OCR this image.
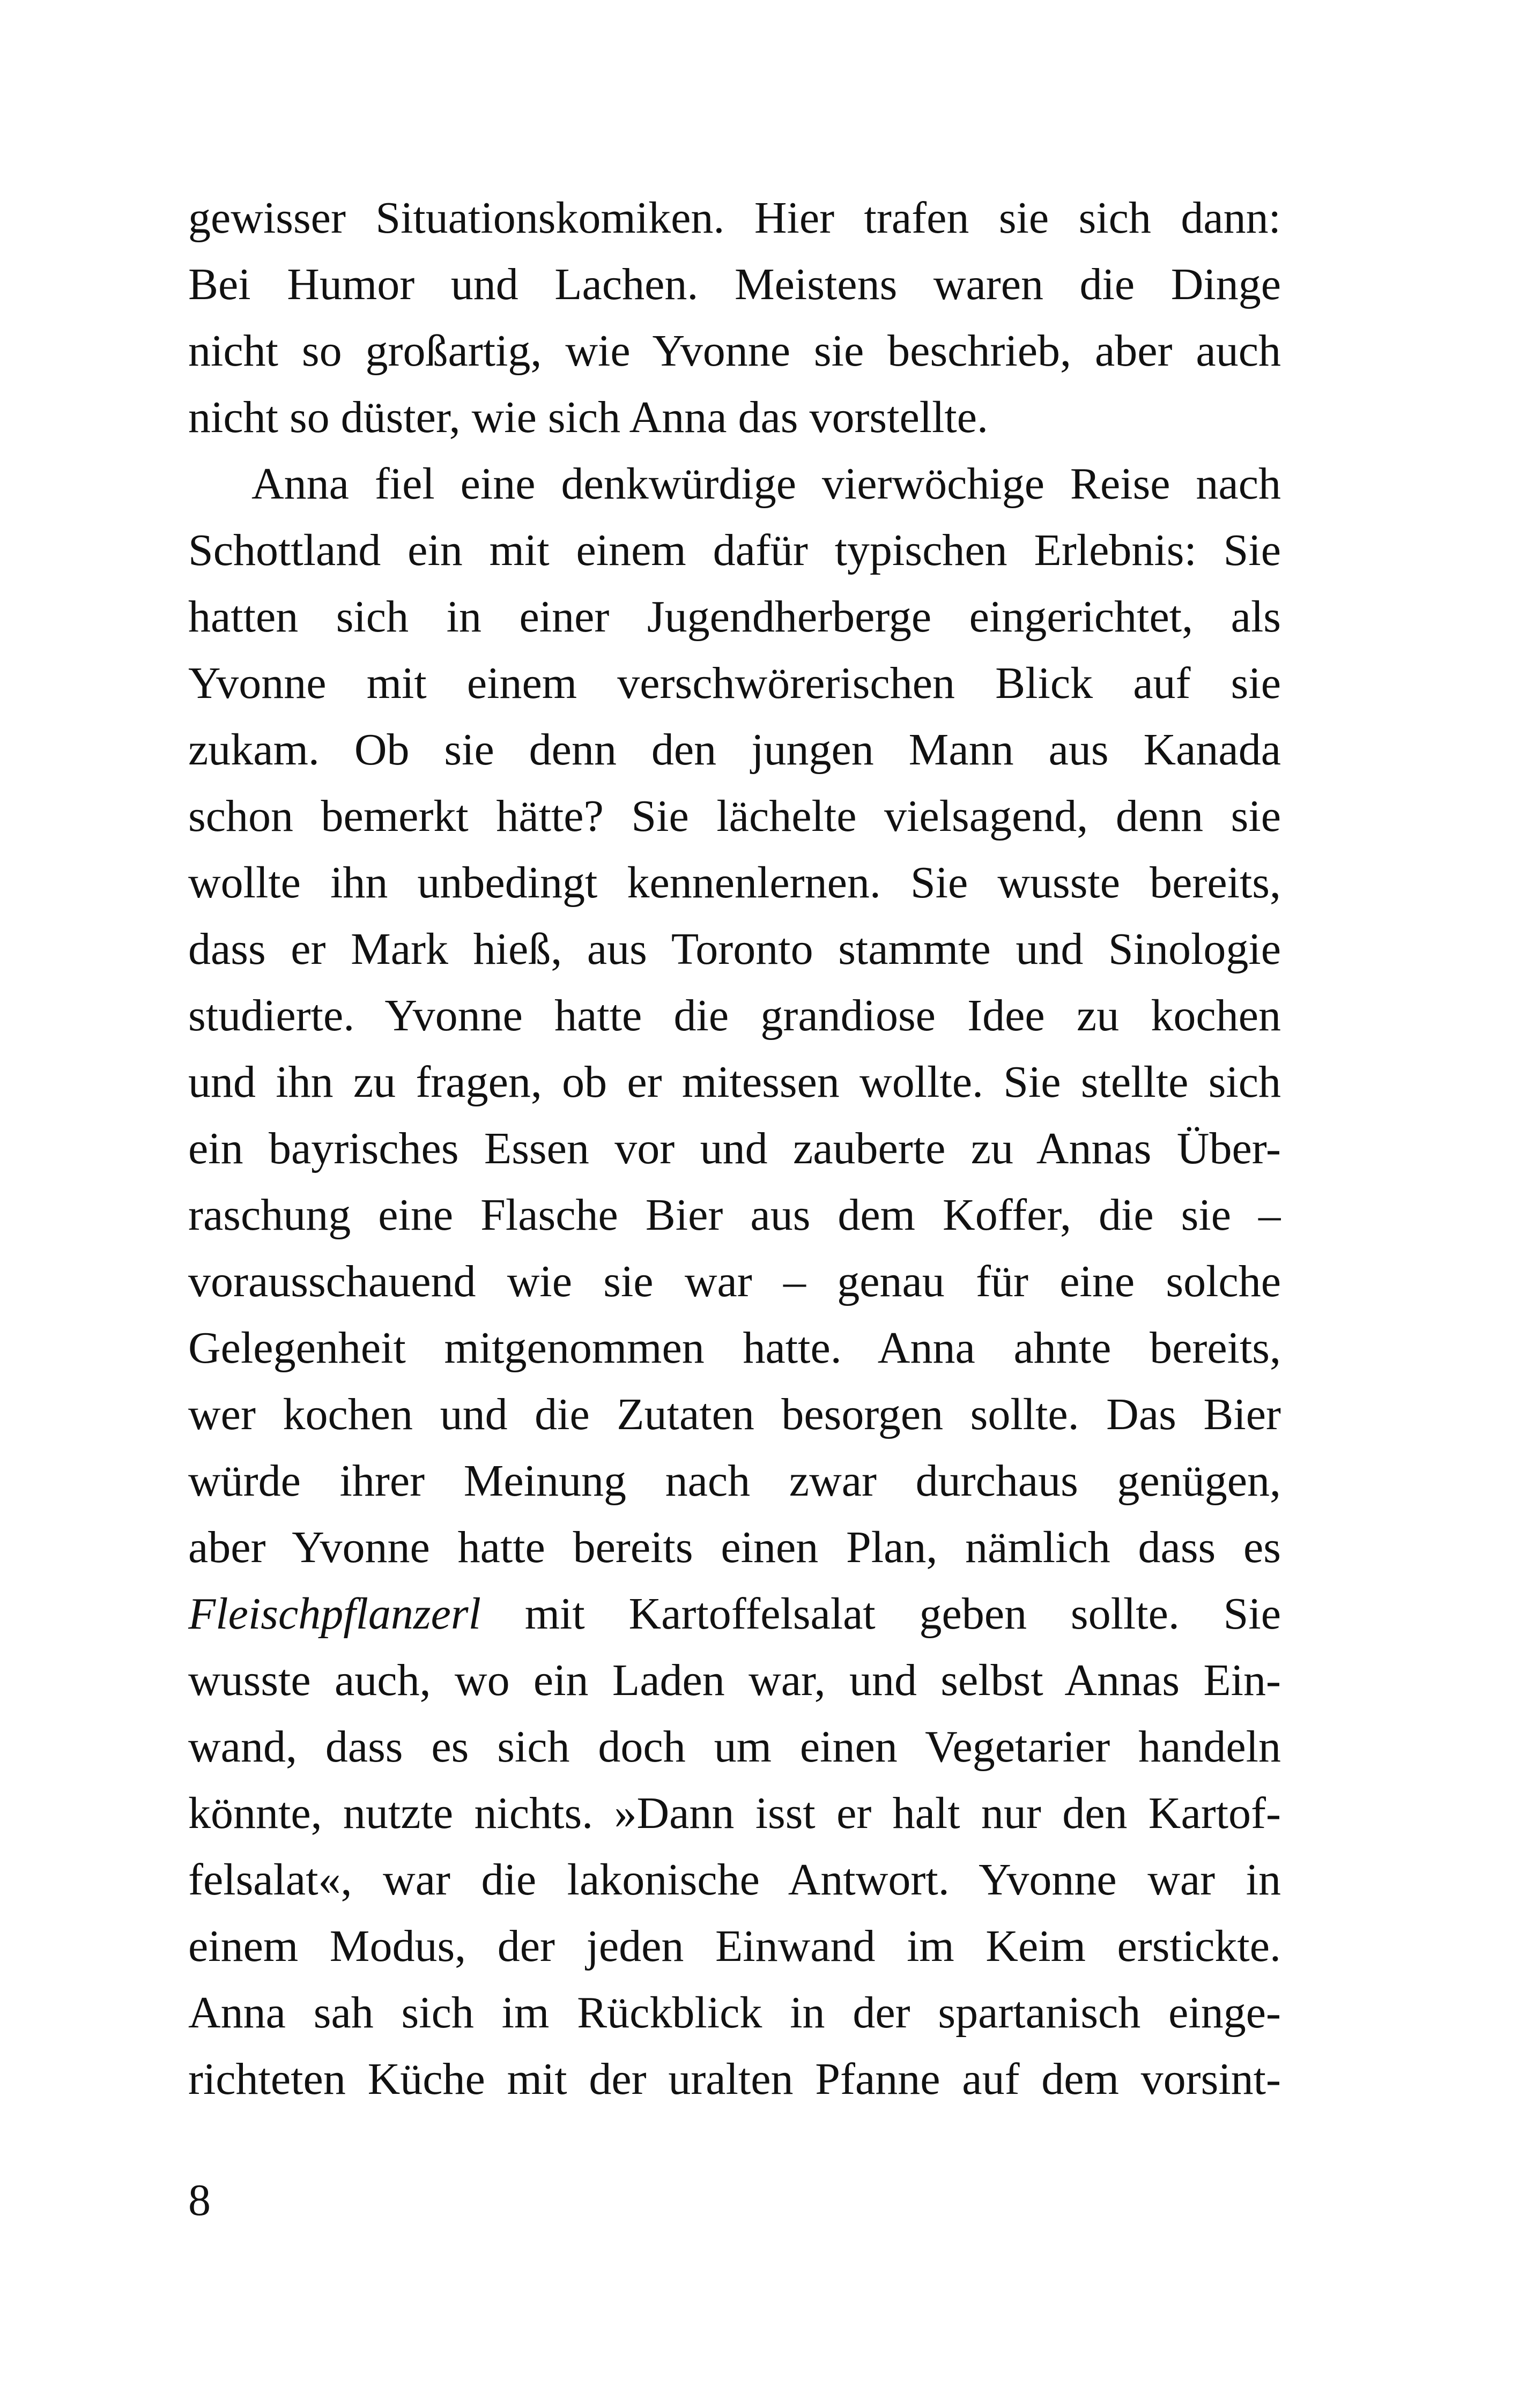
gewisser Situationskomiken. Hier trafen sie sich dann:
Bei Humor und Lachen. Meistens waren die Dinge
nicht so großartig, wie Yvonne sie beschrieb, aber auch
nicht so düster, wie sich Anna das vorstellte.
Anna fiel eine denkwürdige vierwöchige Reise nach
Schottland ein mit einem dafür typischen Erlebnis: Sie
hatten sich in einer Jugendherberge eingerichtet, als
Yvonne mit einem verschwörerischen Blick auf sie
zukam. Ob sie denn den jungen Mann aus Kanada
schon bemerkt hätte? Sie lächelte vielsagend, denn sie
wollte ihn unbedingt kennenlernen. Sie wusste bereits,
dass er Mark hieß, aus Toronto stammte und Sinologie
studierte. Yvonne hatte die grandiose Idee zu kochen
und ihn zu fragen, ob er mitessen wollte. Sie stellte sich
ein bayrisches Essen vor und zauberte zu Annas Über-
raschung eine Flasche Bier aus dem Koffer, die sie –
vorausschauend wie sie war – genau für eine solche
Gelegenheit mitgenommen hatte. Anna ahnte bereits,
wer kochen und die Zutaten besorgen sollte. Das Bier
würde ihrer Meinung nach zwar durchaus genügen,
aber Yvonne hatte bereits einen Plan, nämlich dass es
Fleischpflanzerl mit Kartoffelsalat geben sollte. Sie
wusste auch, wo ein Laden war, und selbst Annas Ein-
wand, dass es sich doch um einen Vegetarier handeln
könnte, nutzte nichts. »Dann isst er halt nur den Kartof-
felsalat«, war die lakonische Antwort. Yvonne war in
einem Modus, der jeden Einwand im Keim erstickte.
Anna sah sich im Rückblick in der spartanisch einge-
richteten Küche mit der uralten Pfanne auf dem vorsint-
8
